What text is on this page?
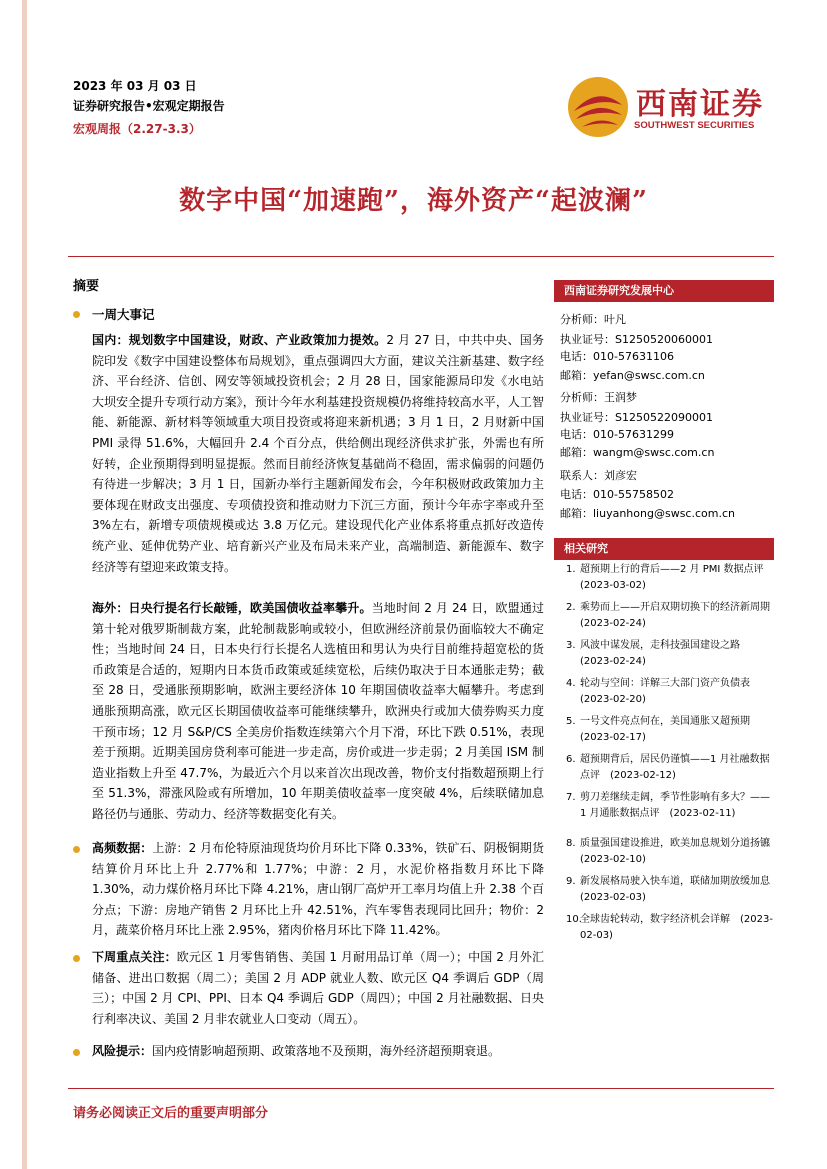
2023 年 03 月 03 日
证券研究报告•宏观定期报告
宏观周报（2.27-3.3）
西南证券
SOUTHWEST SECURITIES
数字中国“加速跑”，海外资产“起波澜”
摘要
一周大事记
国内：规划数字中国建设，财政、产业政策加力提效。2 月 27 日，中共中央、国务院印发《数字中国建设整体布局规划》，重点强调四大方面，建议关注新基建、数字经济、平台经济、信创、网安等领域投资机会；2 月 28 日，国家能源局印发《水电站大坝安全提升专项行动方案》，预计今年水利基建投资规模仍将维持较高水平，人工智能、新能源、新材料等领域重大项目投资或将迎来新机遇；3 月 1 日，2 月财新中国 PMI 录得 51.6%，大幅回升 2.4 个百分点，供给侧出现经济供求扩张，外需也有所好转，企业预期得到明显提振。然而目前经济恢复基础尚不稳固，需求偏弱的问题仍有待进一步解决；3 月 1 日，国新办举行主题新闻发布会，今年积极财政政策加力主要体现在财政支出强度、专项债投资和推动财力下沉三方面，预计今年赤字率或升至 3%左右，新增专项债规模或达 3.8 万亿元。建设现代化产业体系将重点抓好改造传统产业、延伸优势产业、培育新兴产业及布局未来产业，高端制造、新能源车、数字经济等有望迎来政策支持。
海外：日央行提名行长敲锤，欧美国债收益率攀升。当地时间 2 月 24 日，欧盟通过第十轮对俄罗斯制裁方案，此轮制裁影响或较小，但欧洲经济前景仍面临较大不确定性；当地时间 24 日，日本央行行长提名人选植田和男认为央行目前维持超宽松的货币政策是合适的，短期内日本货币政策或延续宽松，后续仍取决于日本通胀走势；截至 28 日，受通胀预期影响，欧洲主要经济体 10 年期国债收益率大幅攀升。考虑到通胀预期高涨，欧元区长期国债收益率可能继续攀升，欧洲央行或加大债券购买力度干预市场；12 月 S&P/CS 全美房价指数连续第六个月下滑，环比下跌 0.51%，表现差于预期。近期美国房贷利率可能进一步走高，房价或进一步走弱；2 月美国 ISM 制造业指数上升至 47.7%，为最近六个月以来首次出现改善，物价支付指数超预期上行至 51.3%，滞涨风险或有所增加，10 年期美债收益率一度突破 4%，后续联储加息路径仍与通胀、劳动力、经济等数据变化有关。
高频数据：上游：2 月布伦特原油现货均价月环比下降 0.33%，铁矿石、阴极铜期货结算价月环比上升 2.77%和 1.77%；中游：2 月，水泥价格指数月环比下降 1.30%，动力煤价格月环比下降 4.21%，唐山钢厂高炉开工率月均值上升 2.38 个百分点；下游：房地产销售 2 月环比上升 42.51%，汽车零售表现同比回升；物价：2 月，蔬菜价格月环比上涨 2.95%，猪肉价格月环比下降 11.42%。
下周重点关注：欧元区 1 月零售销售、美国 1 月耐用品订单（周一）；中国 2 月外汇储备、进出口数据（周二）；美国 2 月 ADP 就业人数、欧元区 Q4 季调后 GDP（周三）；中国 2 月 CPI、PPI、日本 Q4 季调后 GDP（周四）；中国 2 月社融数据、日央行利率决议、美国 2 月非农就业人口变动（周五）。
风险提示：国内疫情影响超预期、政策落地不及预期，海外经济超预期衰退。
西南证券研究发展中心
分析师：叶凡
执业证号：S1250520060001
电话：010-57631106
邮箱：yefan@swsc.com.cn
分析师：王润梦
执业证号：S1250522090001
电话：010-57631299
邮箱：wangm@swsc.com.cn
联系人：刘彦宏
电话：010-55758502
邮箱：liuyanhong@swsc.com.cn
相关研究
1. 超预期上行的背后——2 月 PMI 数据点评　(2023-03-02)
2. 乘势而上——开启双期切换下的经济新周期　(2023-02-24)
3. 风波中谋发展，走科技强国建设之路　(2023-02-24)
4. 轮动与空间：详解三大部门资产负债表　(2023-02-20)
5. 一号文件亮点何在，美国通胀又超预期　(2023-02-17)
6. 超预期背后，居民仍谨慎——1 月社融数据点评　(2023-02-12)
7. 剪刀差继续走阔，季节性影响有多大？——1 月通胀数据点评　(2023-02-11)
8. 质量强国建设推进，欧美加息规划分道扬镳　(2023-02-10)
9. 新发展格局驶入快车道，联储加期放缓加息　(2023-02-03)
10.
全球齿轮转动，数字经济机会详解　(2023-02-03)
请务必阅读正文后的重要声明部分
